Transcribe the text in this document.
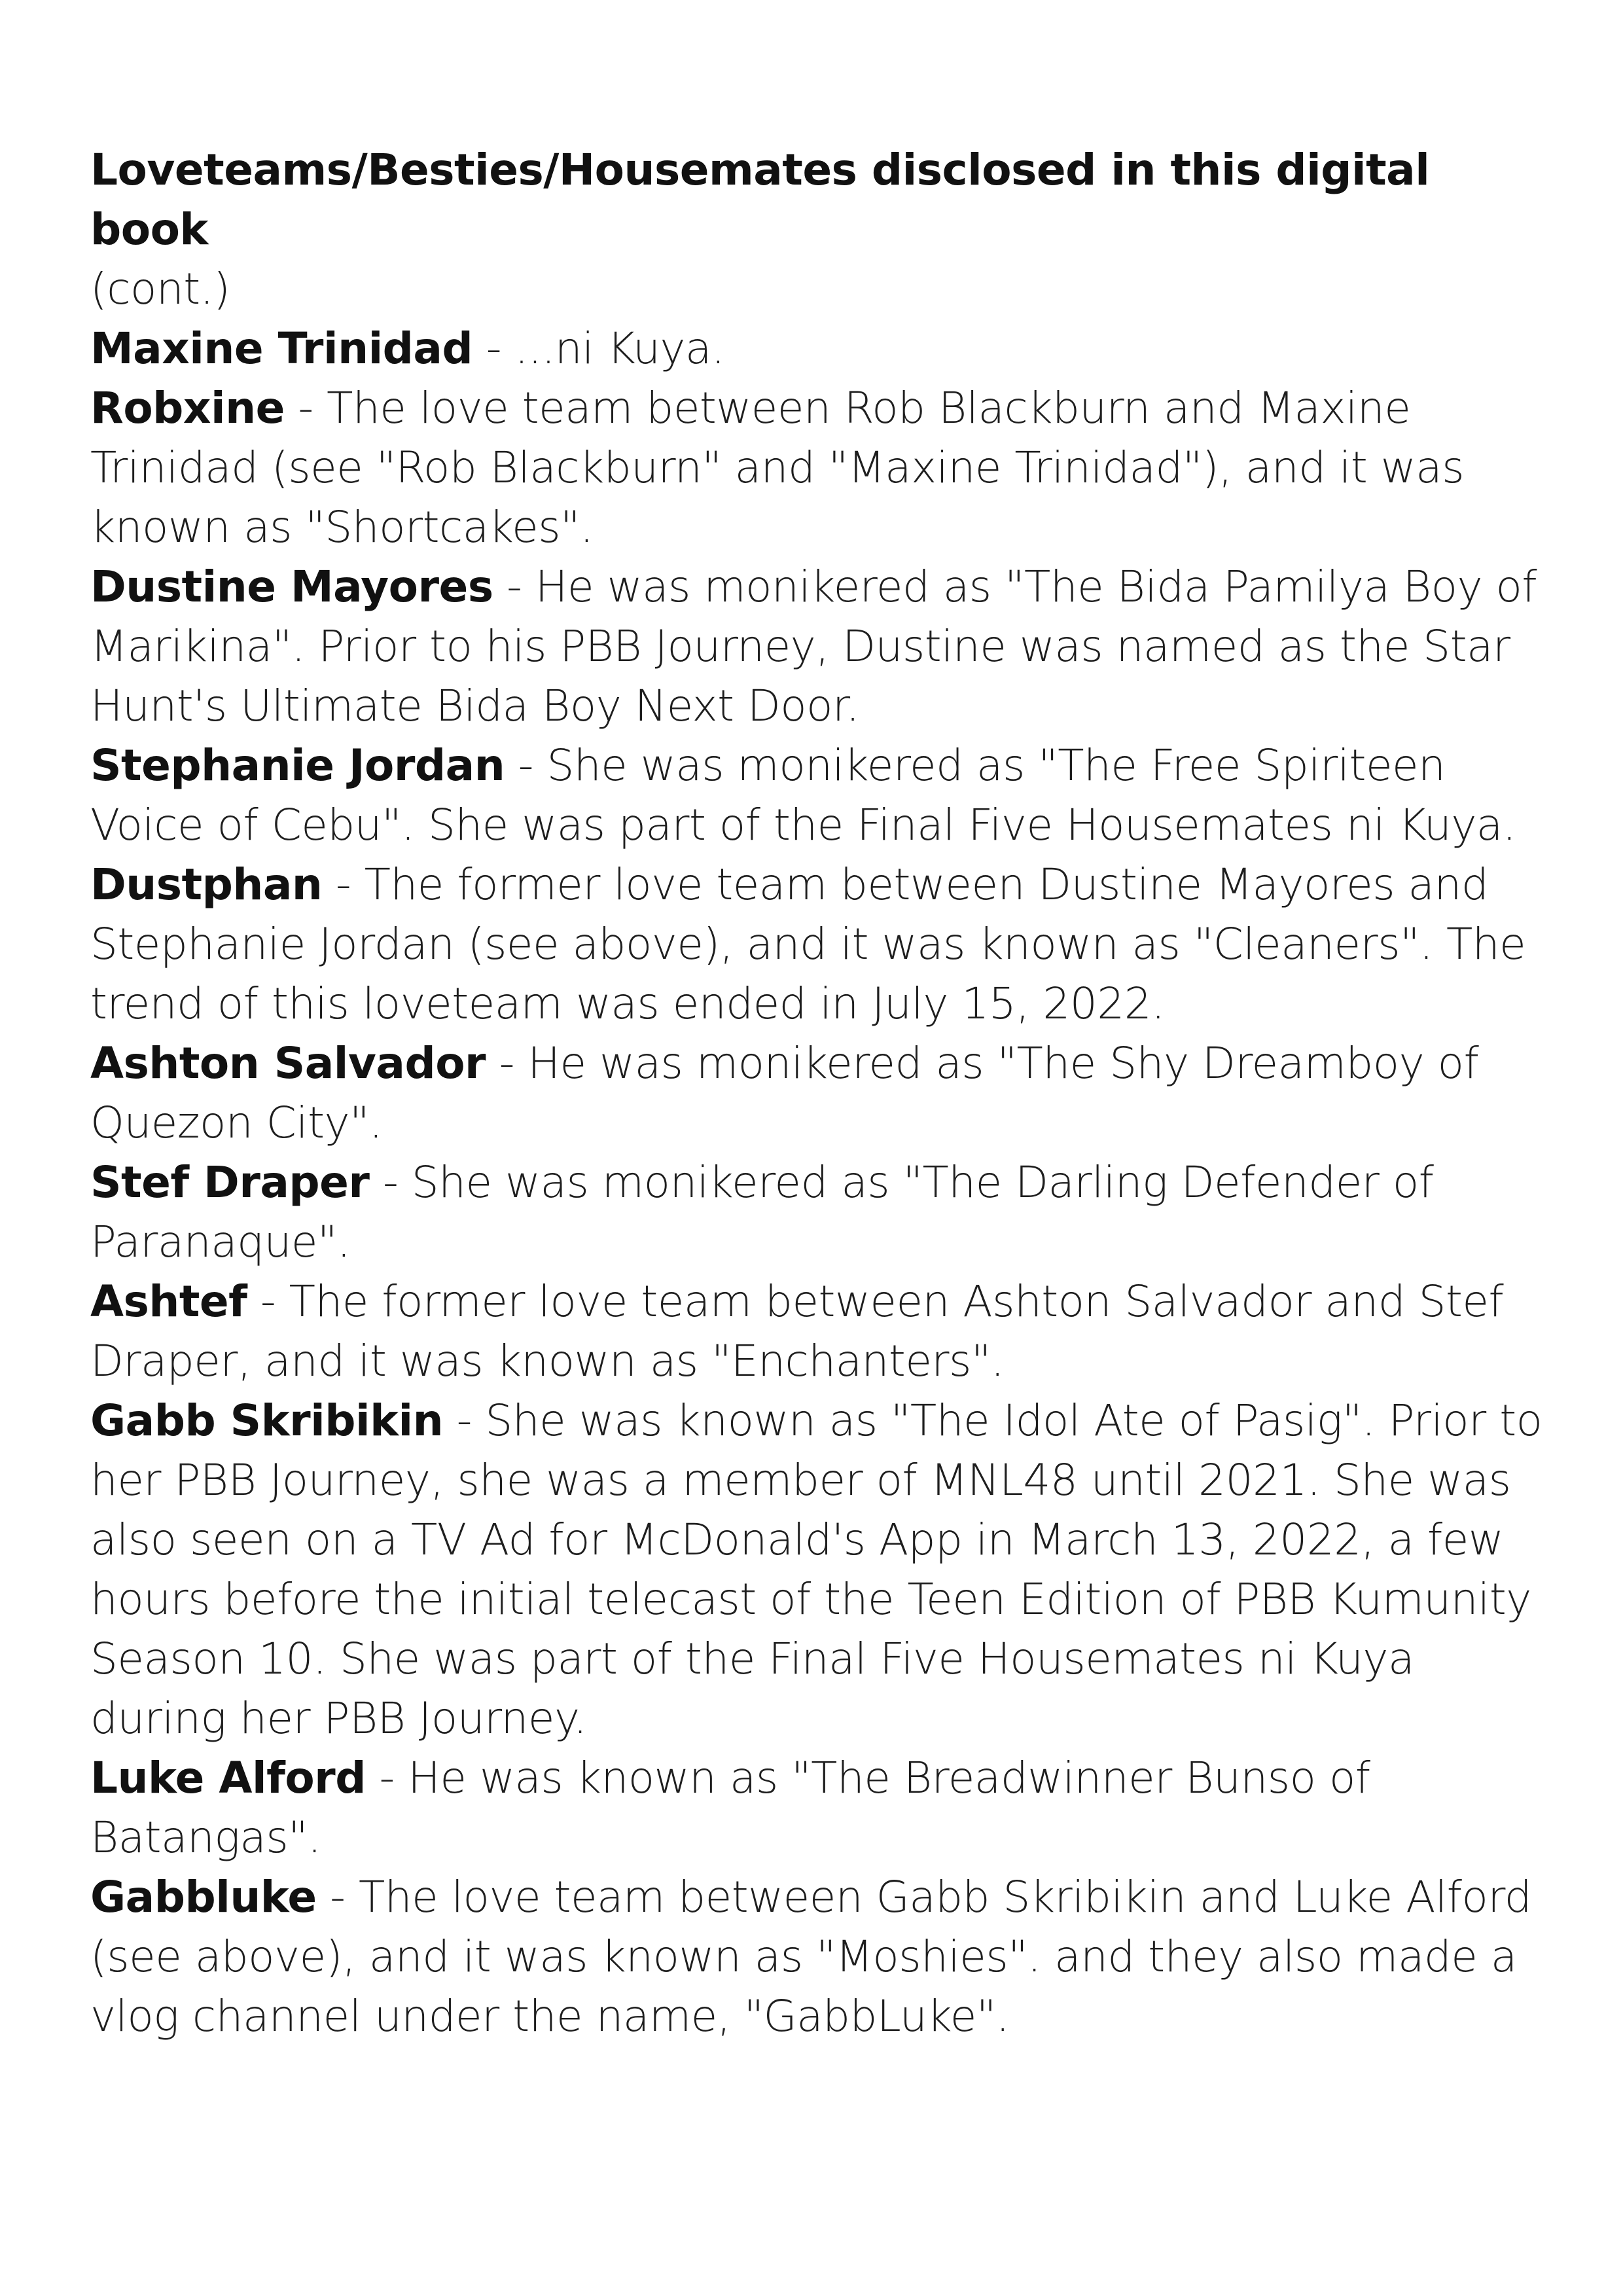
Loveteams/Besties/Housemates disclosed in this digital book
(cont.)

Maxine Trinidad - ...ni Kuya.

Robxine - The love team between Rob Blackburn and Maxine Trinidad (see "Rob Blackburn" and "Maxine Trinidad"), and it was known as "Shortcakes".

Dustine Mayores - He was monikered as "The Bida Pamilya Boy of Marikina". Prior to his PBB Journey, Dustine was named as the Star Hunt's Ultimate Bida Boy Next Door.

Stephanie Jordan - She was monikered as "The Free Spiriteen Voice of Cebu". She was part of the Final Five Housemates ni Kuya.

Dustphan - The former love team between Dustine Mayores and Stephanie Jordan (see above), and it was known as "Cleaners". The trend of this loveteam was ended in July 15, 2022.

Ashton Salvador - He was monikered as "The Shy Dreamboy of Quezon City".

Stef Draper - She was monikered as "The Darling Defender of Paranaque".

Ashtef - The former love team between Ashton Salvador and Stef Draper, and it was known as "Enchanters".

Gabb Skribikin - She was known as "The Idol Ate of Pasig". Prior to her PBB Journey, she was a member of MNL48 until 2021. She was also seen on a TV Ad for McDonald's App in March 13, 2022, a few hours before the initial telecast of the Teen Edition of PBB Kumunity Season 10. She was part of the Final Five Housemates ni Kuya during her PBB Journey.

Luke Alford - He was known as "The Breadwinner Bunso of Batangas".

Gabbluke - The love team between Gabb Skribikin and Luke Alford (see above), and it was known as "Moshies". and they also made a vlog channel under the name, "GabbLuke".
